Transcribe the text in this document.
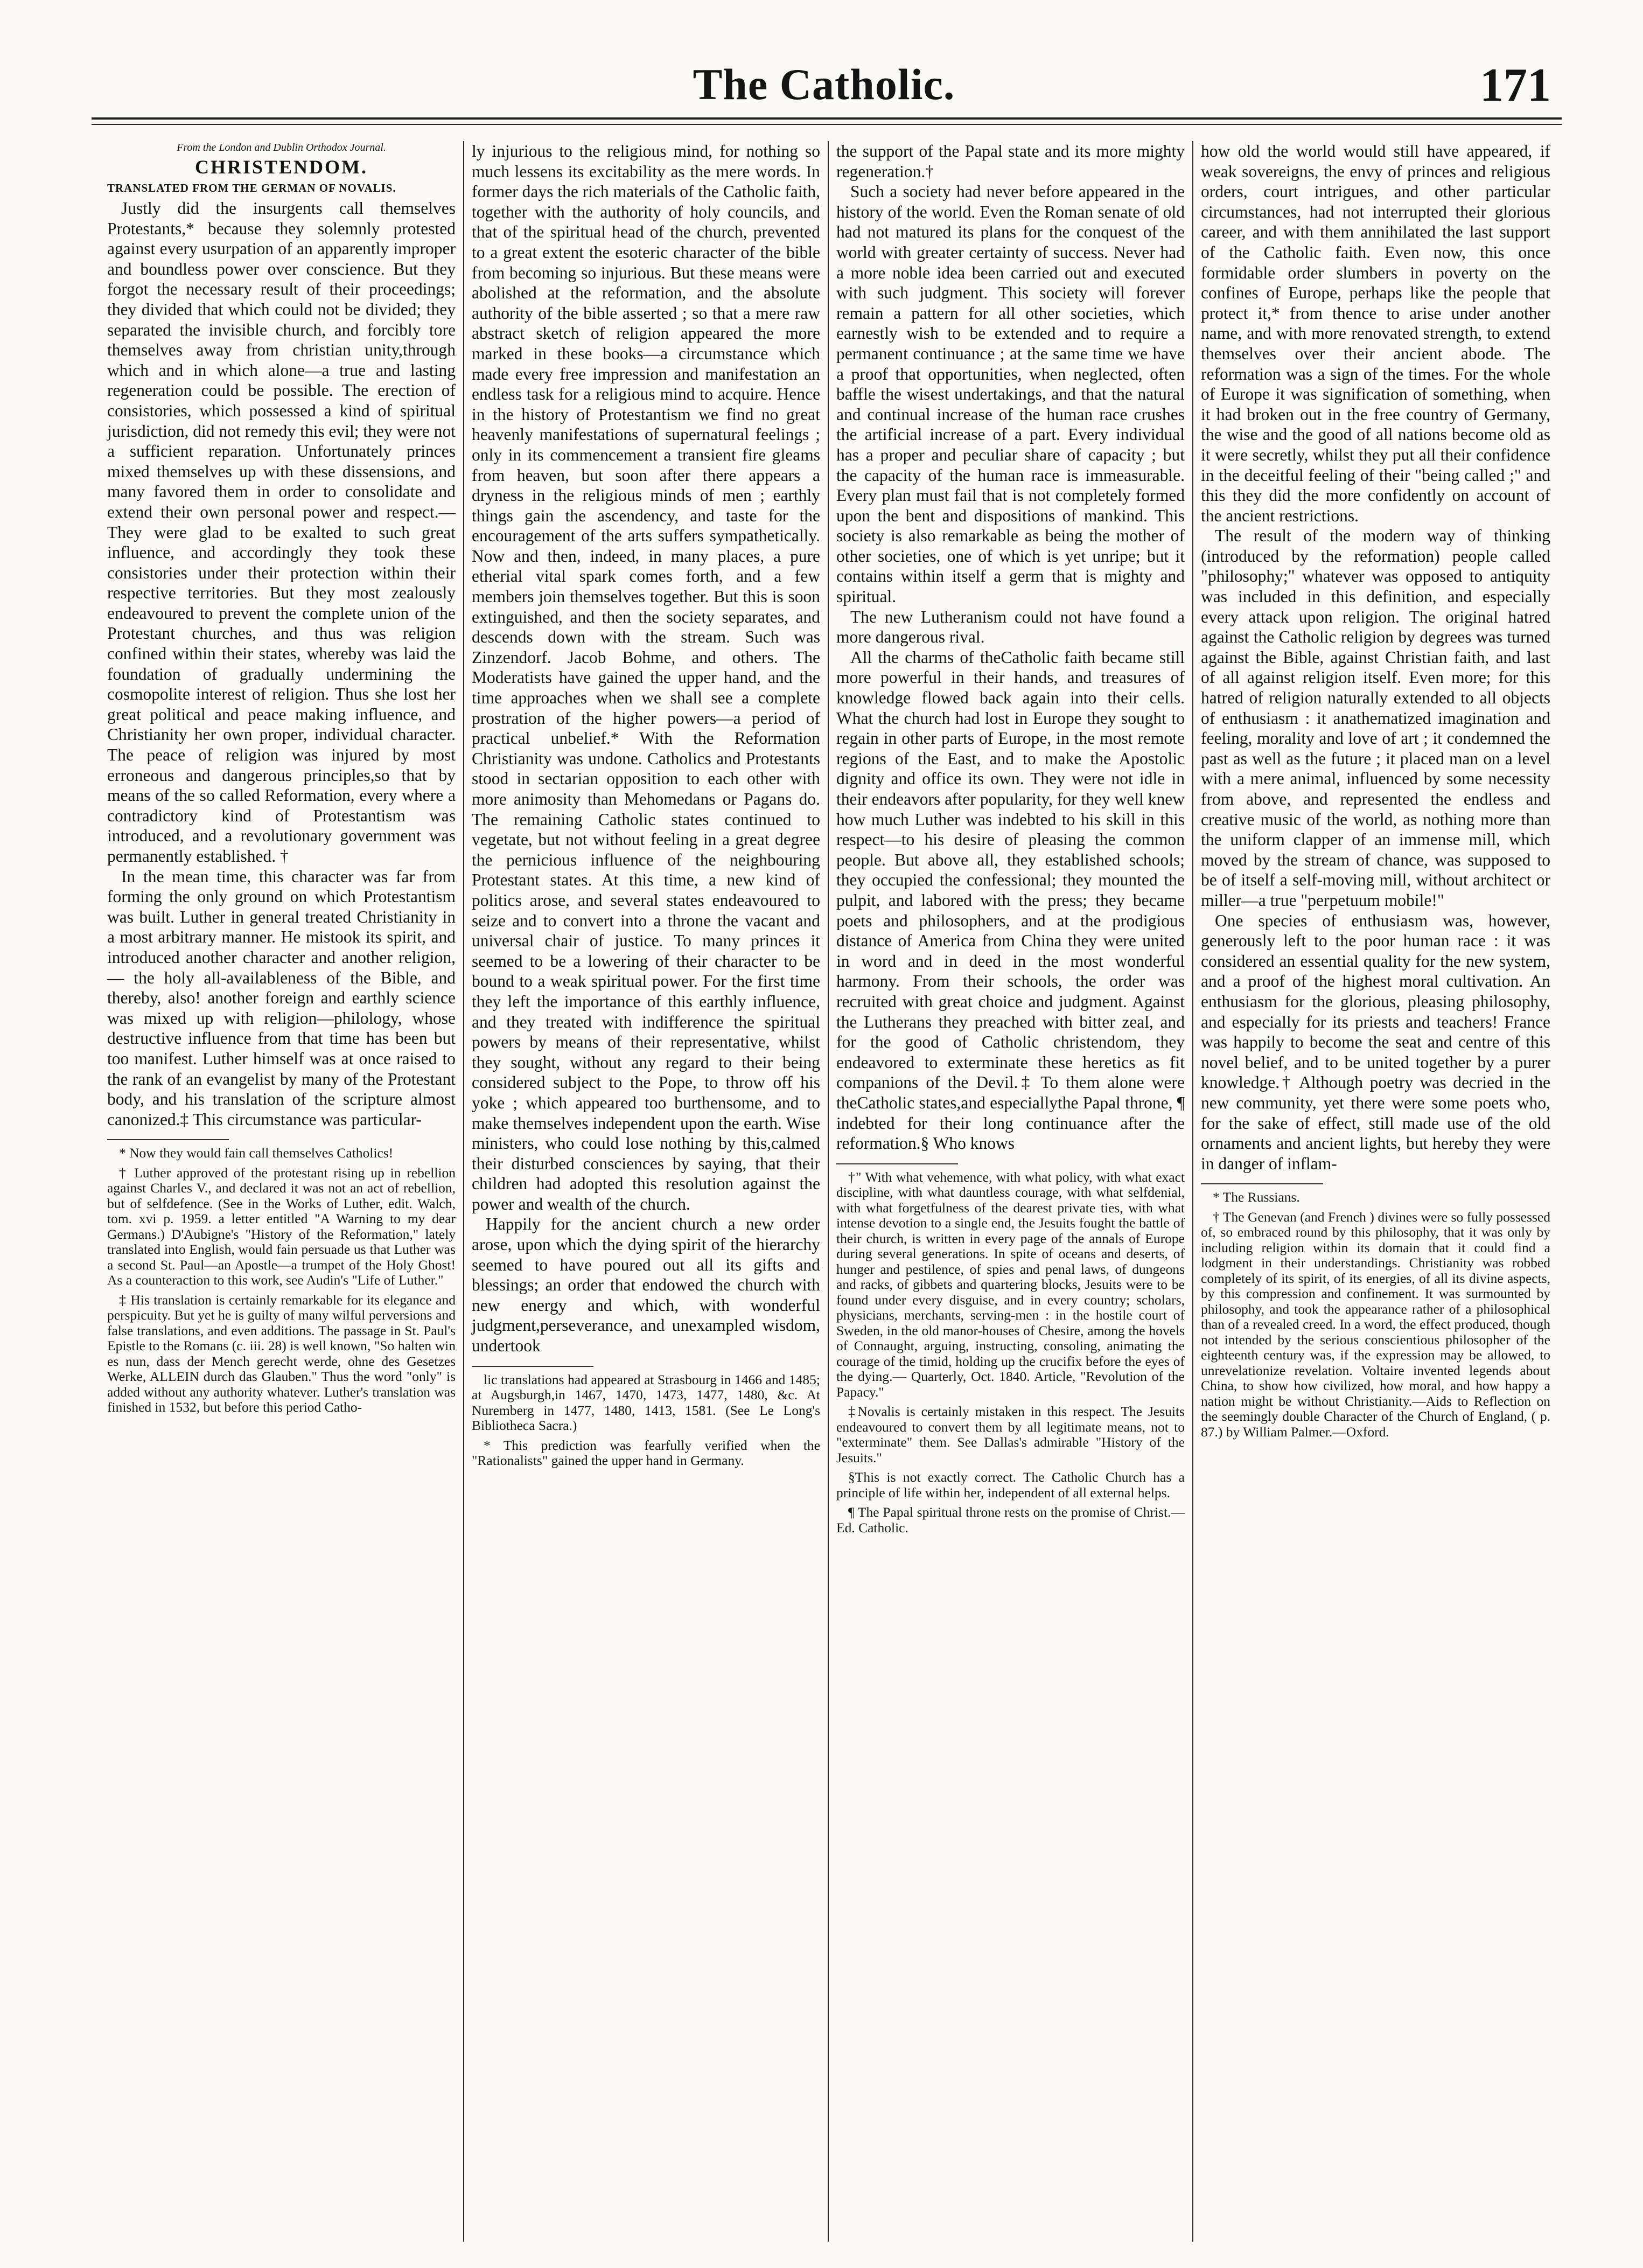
The Catholic.	171
From the London and Dublin Orthodox Journal.
CHRISTENDOM.
TRANSLATED FROM THE GERMAN OF NOVALIS.

Justly did the insurgents call themselves Protestants,* because they solemnly protested against every usurpation of an apparently improper and boundless power over conscience. But they forgot the necessary result of their proceedings; they divided that which could not be divided; they separated the invisible church, and forcibly tore themselves away from christian unity,through which and in which alone—a true and lasting regeneration could be possible. The erection of consistories, which possessed a kind of spiritual jurisdiction, did not remedy this evil; they were not a sufficient reparation. Unfortunately princes mixed themselves up with these dissensions, and many favored them in order to consolidate and extend their own personal power and respect.—They were glad to be exalted to such great influence, and accordingly they took these consistories under their protection within their respective territories. But they most zealously endeavoured to prevent the complete union of the Protestant churches, and thus was religion confined within their states, whereby was laid the foundation of gradually undermining the cosmopolite interest of religion. Thus she lost her great political and peace making influence, and Christianity her own proper, individual character. The peace of religion was injured by most erroneous and dangerous principles,so that by means of the so called Reformation, every where a contradictory kind of Protestantism was introduced, and a revolutionary government was permanently established. †

In the mean time, this character was far from forming the only ground on which Protestantism was built. Luther in general treated Christianity in a most arbitrary manner. He mistook its spirit, and introduced another character and another religion, — the holy all-availableness of the Bible, and thereby, also! another foreign and earthly science was mixed up with religion—philology, whose destructive influence from that time has been but too manifest. Luther himself was at once raised to the rank of an evangelist by many of the Protestant body, and his translation of the scripture almost canonized.‡ This circumstance was particular-

* Now they would fain call themselves Catholics!

† Luther approved of the protestant rising up in rebellion against Charles V., and declared it was not an act of rebellion, but of selfdefence. (See in the Works of Luther, edit. Walch, tom. xvi p. 1959. a letter entitled "A Warning to my dear Germans.) D'Aubigne's "History of the Reformation," lately translated into English, would fain persuade us that Luther was a second St. Paul—an Apostle—a trumpet of the Holy Ghost! As a counteraction to this work, see Audin's "Life of Luther."

‡ His translation is certainly remarkable for its elegance and perspicuity. But yet he is guilty of many wilful perversions and false translations, and even additions. The passage in St. Paul's Epistle to the Romans (c. iii. 28) is well known, "So halten win es nun, dass der Mench gerecht werde, ohne des Gesetzes Werke, ALLEIN durch das Glauben." Thus the word "only" is added without any authority whatever. Luther's translation was finished in 1532, but before this period Catho-

ly injurious to the religious mind, for nothing so much lessens its excitability as the mere words. In former days the rich materials of the Catholic faith, together with the authority of holy councils, and that of the spiritual head of the church, prevented to a great extent the esoteric character of the bible from becoming so injurious. But these means were abolished at the reformation, and the absolute authority of the bible asserted ; so that a mere raw abstract sketch of religion appeared the more marked in these books—a circumstance which made every free impression and manifestation an endless task for a religious mind to acquire. Hence in the history of Protestantism we find no great heavenly manifestations of supernatural feelings ; only in its commencement a transient fire gleams from heaven, but soon after there appears a dryness in the religious minds of men ; earthly things gain the ascendency, and taste for the encouragement of the arts suffers sympathetically. Now and then, indeed, in many places, a pure etherial vital spark comes forth, and a few members join themselves together. But this is soon extinguished, and then the society separates, and descends down with the stream. Such was Zinzendorf. Jacob Bohme, and others. The Moderatists have gained the upper hand, and the time approaches when we shall see a complete prostration of the higher powers—a period of practical unbelief.* With the Reformation Christianity was undone. Catholics and Protestants stood in sectarian opposition to each other with more animosity than Mehomedans or Pagans do. The remaining Catholic states continued to vegetate, but not without feeling in a great degree the pernicious influence of the neighbouring Protestant states. At this time, a new kind of politics arose, and several states endeavoured to seize and to convert into a throne the vacant and universal chair of justice. To many princes it seemed to be a lowering of their character to be bound to a weak spiritual power. For the first time they left the importance of this earthly influence, and they treated with indifference the spiritual powers by means of their representative, whilst they sought, without any regard to their being considered subject to the Pope, to throw off his yoke ; which appeared too burthensome, and to make themselves independent upon the earth. Wise ministers, who could lose nothing by this,calmed their disturbed consciences by saying, that their children had adopted this resolution against the power and wealth of the church.

Happily for the ancient church a new order arose, upon which the dying spirit of the hierarchy seemed to have poured out all its gifts and blessings; an order that endowed the church with new energy and which, with wonderful judgment,perseverance, and unexampled wisdom, undertook

lic translations had appeared at Strasbourg in 1466 and 1485; at Augsburgh,in 1467, 1470, 1473, 1477, 1480, &c. At Nuremberg in 1477, 1480, 1413, 1581. (See Le Long's Bibliotheca Sacra.)

* This prediction was fearfully verified when the "Rationalists" gained the upper hand in Germany.

the support of the Papal state and its more mighty regeneration.†

Such a society had never before appeared in the history of the world. Even the Roman senate of old had not matured its plans for the conquest of the world with greater certainty of success. Never had a more noble idea been carried out and executed with such judgment. This society will forever remain a pattern for all other societies, which earnestly wish to be extended and to require a permanent continuance ; at the same time we have a proof that opportunities, when neglected, often baffle the wisest undertakings, and that the natural and continual increase of the human race crushes the artificial increase of a part. Every individual has a proper and peculiar share of capacity ; but the capacity of the human race is immeasurable. Every plan must fail that is not completely formed upon the bent and dispositions of mankind. This society is also remarkable as being the mother of other societies, one of which is yet unripe; but it contains within itself a germ that is mighty and spiritual.

The new Lutheranism could not have found a more dangerous rival.

All the charms of theCatholic faith became still more powerful in their hands, and treasures of knowledge flowed back again into their cells. What the church had lost in Europe they sought to regain in other parts of Europe, in the most remote regions of the East, and to make the Apostolic dignity and office its own. They were not idle in their endeavors after popularity, for they well knew how much Luther was indebted to his skill in this respect—to his desire of pleasing the common people. But above all, they established schools; they occupied the confessional; they mounted the pulpit, and labored with the press; they became poets and philosophers, and at the prodigious distance of America from China they were united in word and in deed in the most wonderful harmony. From their schools, the order was recruited with great choice and judgment. Against the Lutherans they preached with bitter zeal, and for the good of Catholic christendom, they endeavored to exterminate these heretics as fit companions of the Devil.‡ To them alone were theCatholic states,and especiallythe Papal throne, ¶ indebted for their long continuance after the reformation.§ Who knows

†" With what vehemence, with what policy, with what exact discipline, with what dauntless courage, with what selfdenial, with what forgetfulness of the dearest private ties, with what intense devotion to a single end, the Jesuits fought the battle of their church, is written in every page of the annals of Europe during several generations. In spite of oceans and deserts, of hunger and pestilence, of spies and penal laws, of dungeons and racks, of gibbets and quartering blocks, Jesuits were to be found under every disguise, and in every country; scholars, physicians, merchants, serving-men : in the hostile court of Sweden, in the old manor-houses of Chesire, among the hovels of Connaught, arguing, instructing, consoling, animating the courage of the timid, holding up the crucifix before the eyes of the dying.— Quarterly, Oct. 1840. Article, "Revolution of the Papacy."

‡Novalis is certainly mistaken in this respect. The Jesuits endeavoured to convert them by all legitimate means, not to "exterminate" them. See Dallas's admirable "History of the Jesuits."

§This is not exactly correct. The Catholic Church has a principle of life within her, independent of all external helps.

¶ The Papal spiritual throne rests on the promise of Christ.—Ed. Catholic.

how old the world would still have appeared, if weak sovereigns, the envy of princes and religious orders, court intrigues, and other particular circumstances, had not interrupted their glorious career, and with them annihilated the last support of the Catholic faith. Even now, this once formidable order slumbers in poverty on the confines of Europe, perhaps like the people that protect it,* from thence to arise under another name, and with more renovated strength, to extend themselves over their ancient abode. The reformation was a sign of the times. For the whole of Europe it was signification of something, when it had broken out in the free country of Germany, the wise and the good of all nations become old as it were secretly, whilst they put all their confidence in the deceitful feeling of their "being called ;" and this they did the more confidently on account of the ancient restrictions.

The result of the modern way of thinking (introduced by the reformation) people called "philosophy;" whatever was opposed to antiquity was included in this definition, and especially every attack upon religion. The original hatred against the Catholic religion by degrees was turned against the Bible, against Christian faith, and last of all against religion itself. Even more; for this hatred of religion naturally extended to all objects of enthusiasm : it anathematized imagination and feeling, morality and love of art ; it condemned the past as well as the future ; it placed man on a level with a mere animal, influenced by some necessity from above, and represented the endless and creative music of the world, as nothing more than the uniform clapper of an immense mill, which moved by the stream of chance, was supposed to be of itself a self-moving mill, without architect or miller—a true "perpetuum mobile!"

One species of enthusiasm was, however, generously left to the poor human race : it was considered an essential quality for the new system, and a proof of the highest moral cultivation. An enthusiasm for the glorious, pleasing philosophy, and especially for its priests and teachers! France was happily to become the seat and centre of this novel belief, and to be united together by a purer knowledge.† Although poetry was decried in the new community, yet there were some poets who, for the sake of effect, still made use of the old ornaments and ancient lights, but hereby they were in danger of inflam-

* The Russians.

† The Genevan (and French ) divines were so fully possessed of, so embraced round by this philosophy, that it was only by including religion within its domain that it could find a lodgment in their understandings. Christianity was robbed completely of its spirit, of its energies, of all its divine aspects, by this compression and confinement. It was surmounted by philosophy, and took the appearance rather of a philosophical than of a revealed creed. In a word, the effect produced, though not intended by the serious conscientious philosopher of the eighteenth century was, if the expression may be allowed, to unrevelationize revelation. Voltaire invented legends about China, to show how civilized, how moral, and how happy a nation might be without Christianity.—Aids to Reflection on the seemingly double Character of the Church of England, ( p. 87.) by William Palmer.—Oxford.
